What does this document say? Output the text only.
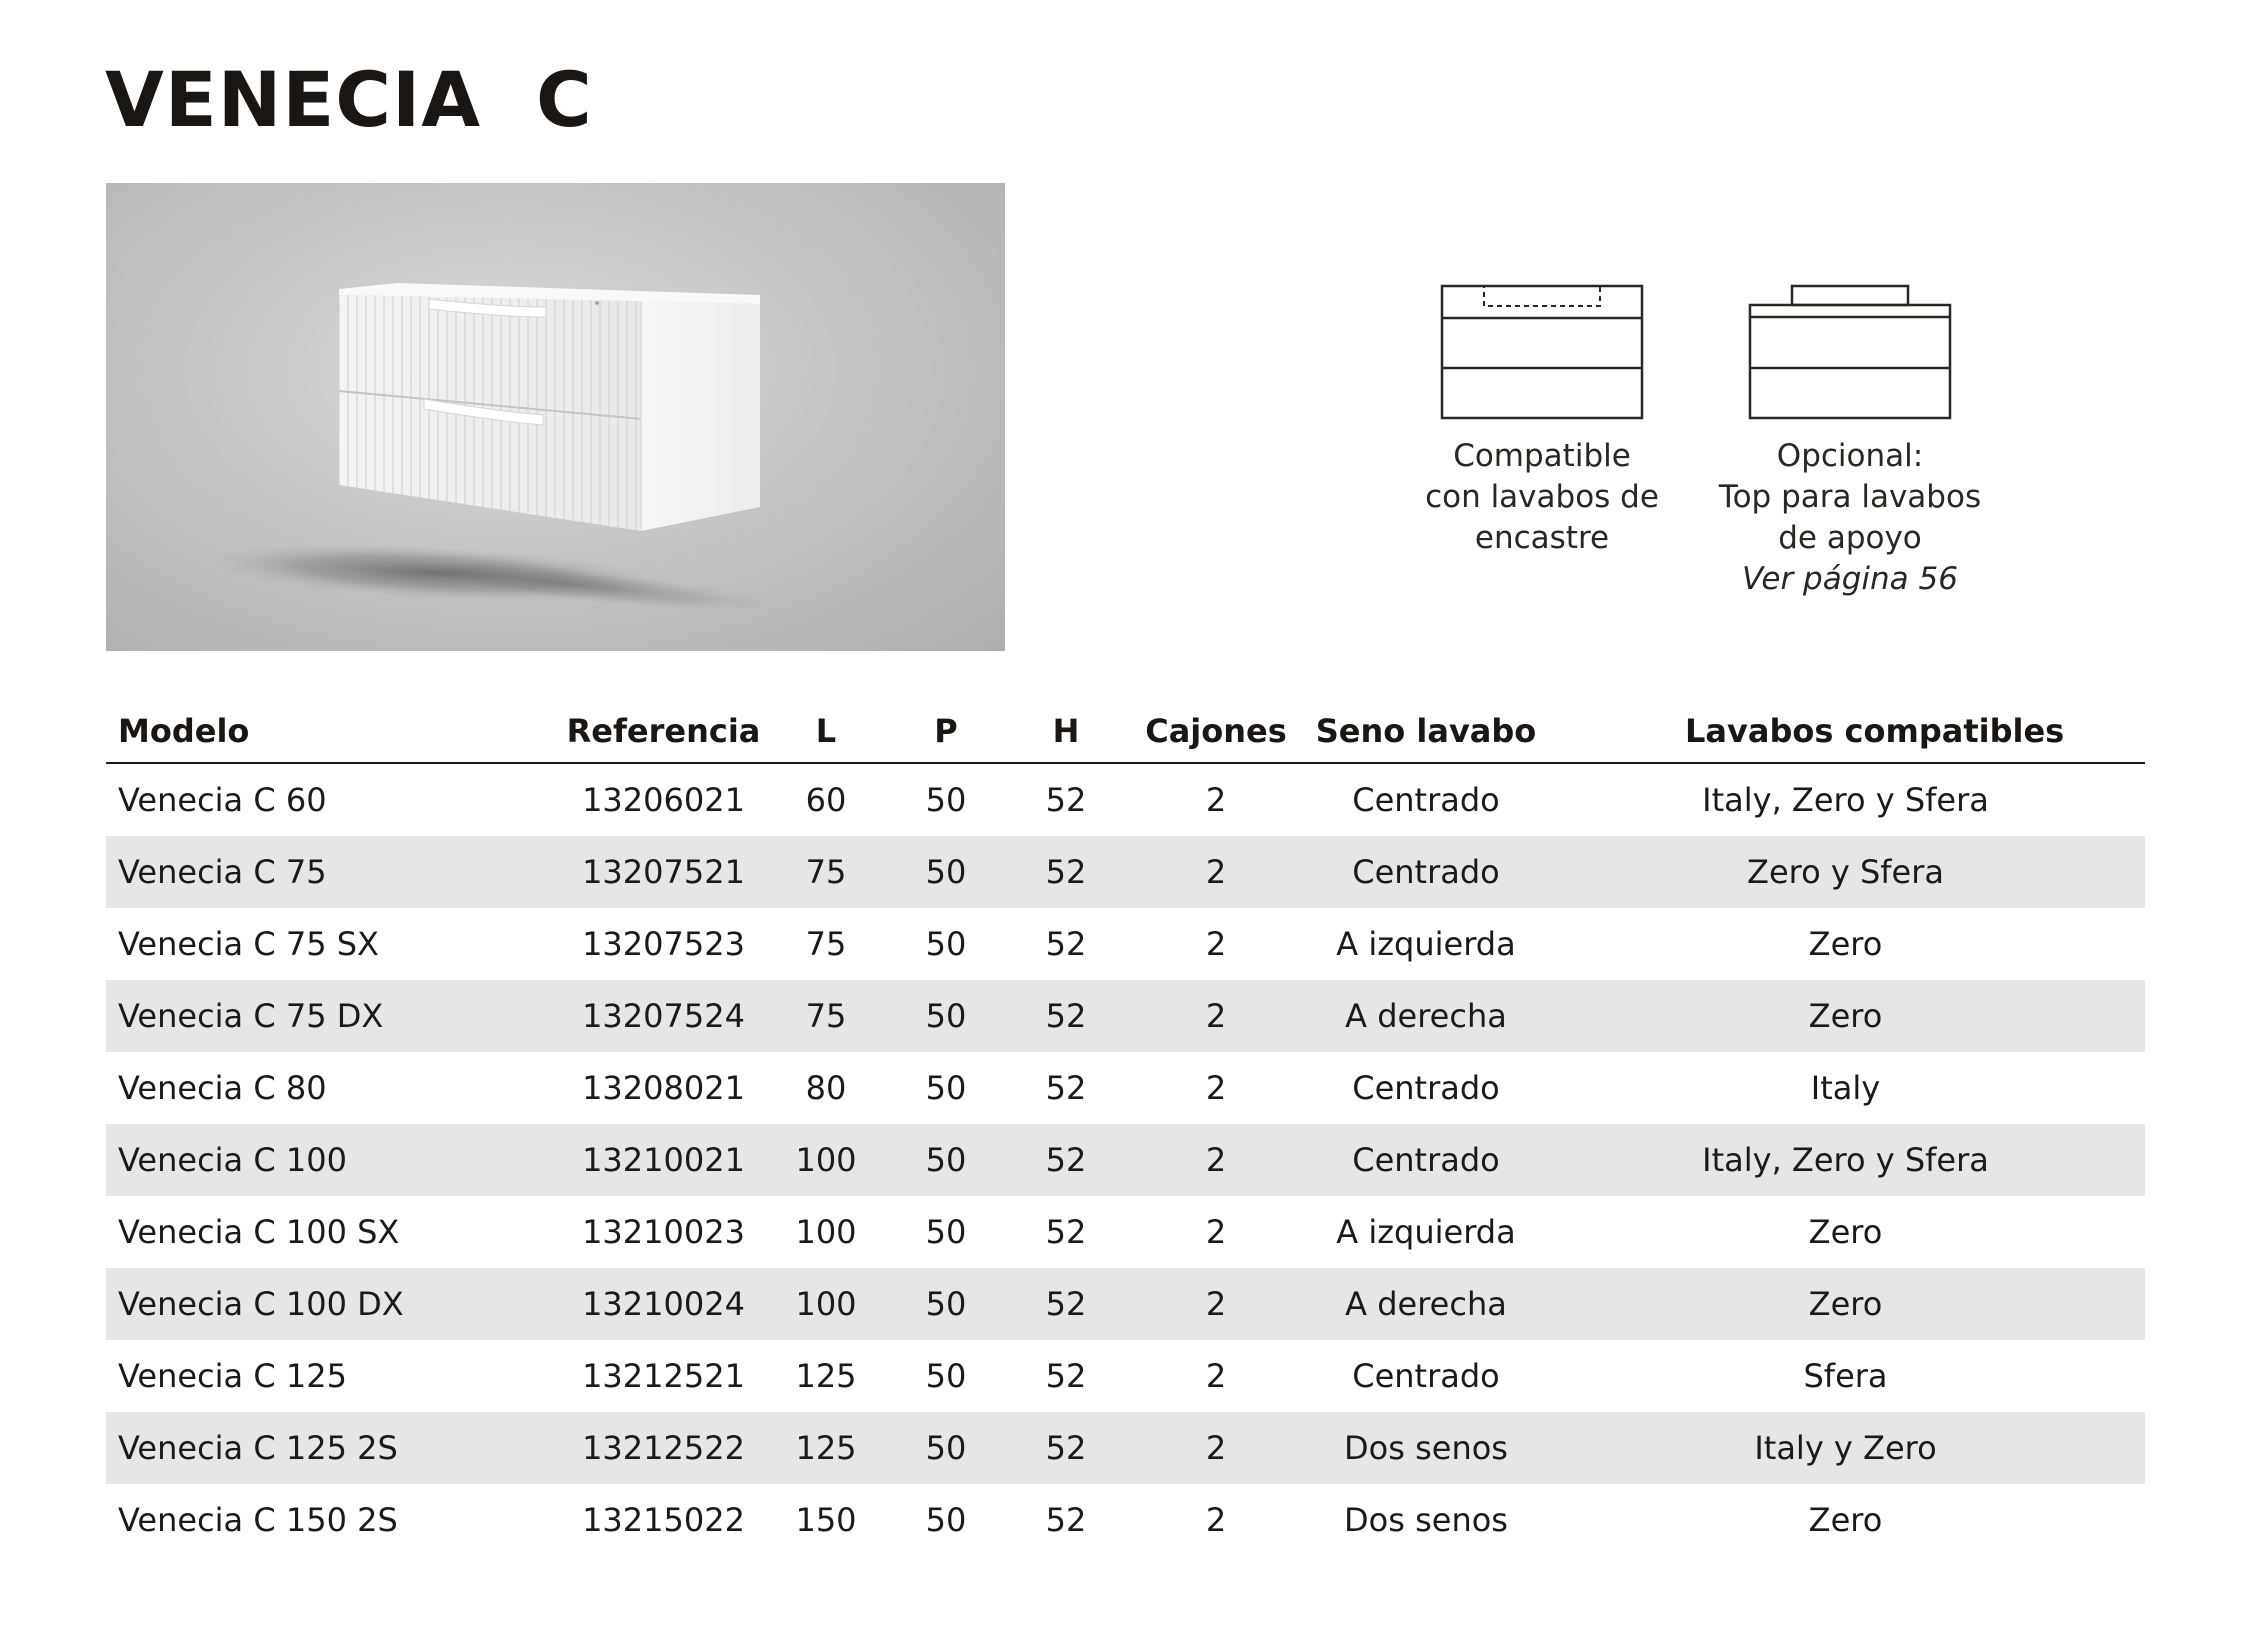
VENECIA  C
Compatible
con lavabos de
encastre
Opcional:
Top para lavabos
de apoyo
Ver página 56
Modelo	Referencia	L	P	H	Cajones	Seno lavabo	Lavabos compatibles
Venecia C 60	13206021	60	50	52	2	Centrado	Italy, Zero y Sfera
Venecia C 75	13207521	75	50	52	2	Centrado	Zero y Sfera
Venecia C 75 SX	13207523	75	50	52	2	A izquierda	Zero
Venecia C 75 DX	13207524	75	50	52	2	A derecha	Zero
Venecia C 80	13208021	80	50	52	2	Centrado	Italy
Venecia C 100	13210021	100	50	52	2	Centrado	Italy, Zero y Sfera
Venecia C 100 SX	13210023	100	50	52	2	A izquierda	Zero
Venecia C 100 DX	13210024	100	50	52	2	A derecha	Zero
Venecia C 125	13212521	125	50	52	2	Centrado	Sfera
Venecia C 125 2S	13212522	125	50	52	2	Dos senos	Italy y Zero
Venecia C 150 2S	13215022	150	50	52	2	Dos senos	Zero
